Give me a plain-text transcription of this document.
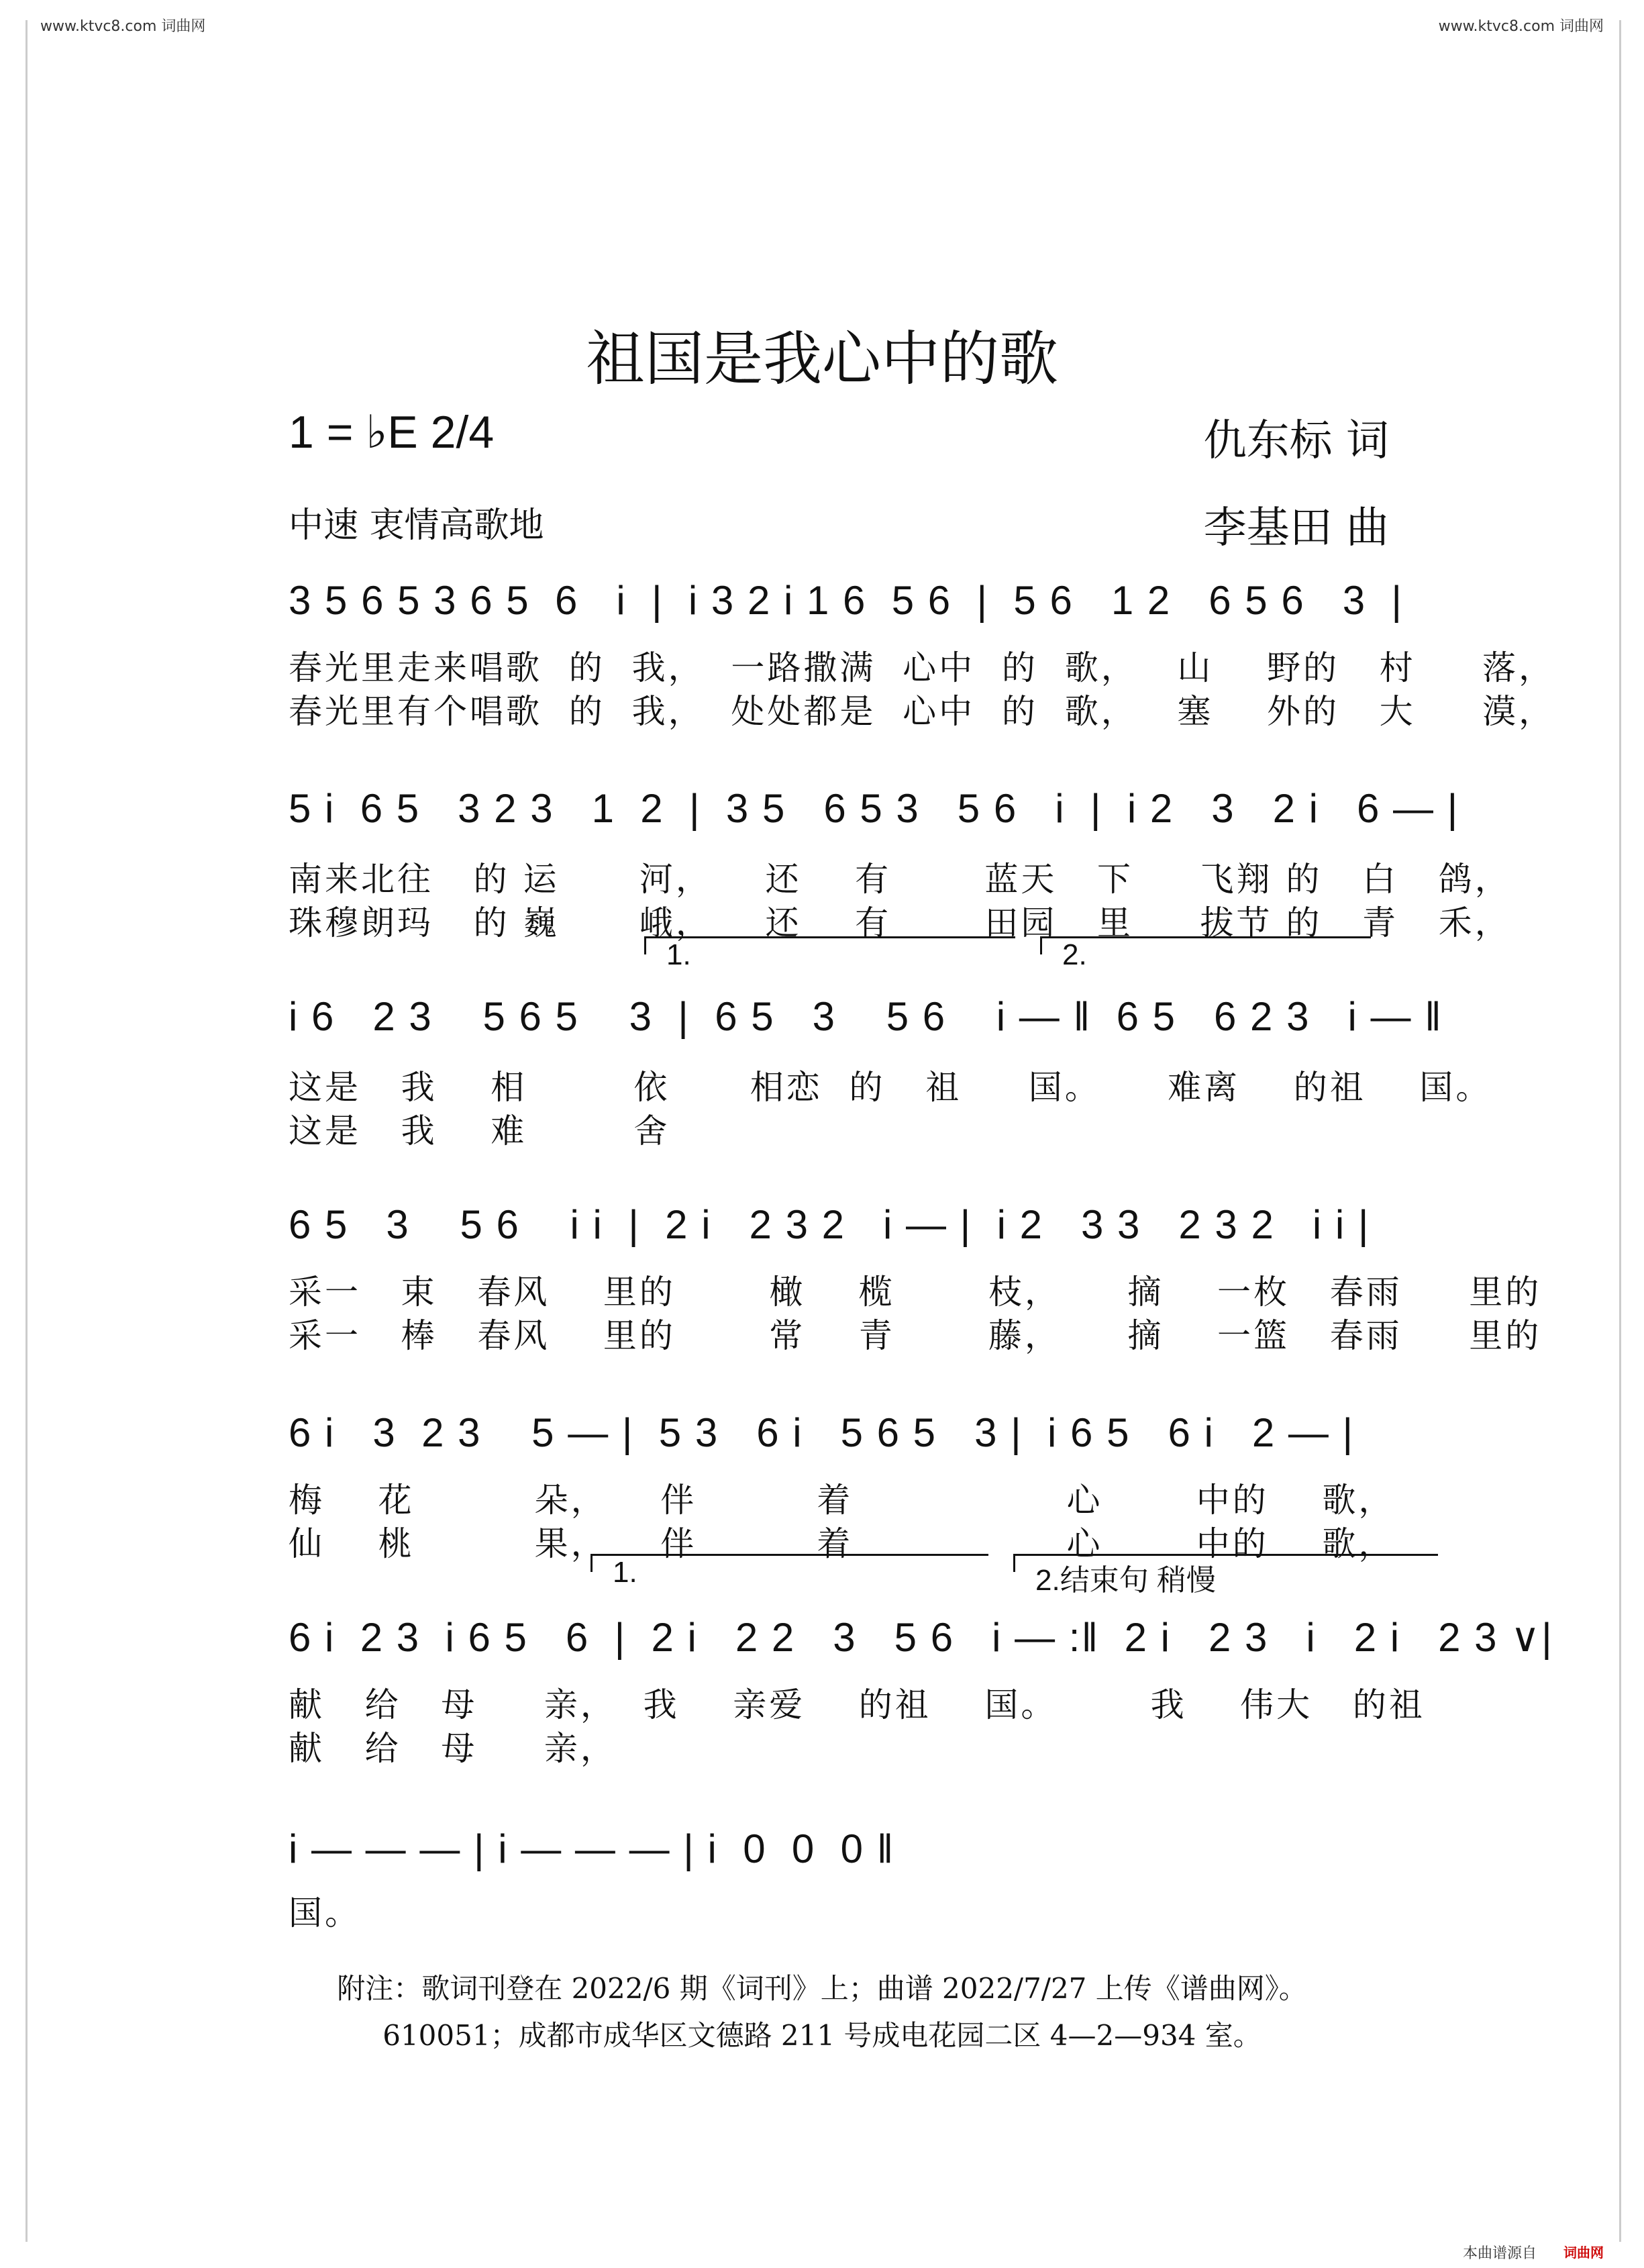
www.ktvc8.com 词曲网	www.ktvc8.com 词曲网
祖国是我心中的歌
1 = ♭E 2/4	仇东标 词
李基田 曲
中速 衷情高歌地
3 5 6 5 3 6 5  6   i  |  i 3 2 i 1 6  5 6  |  5 6   1 2   6 5 6   3  |
春光里走来唱歌  的  我，  一路撒满  心中  的  歌，   山    野的   村     落，
春光里有个唱歌  的  我，  处处都是  心中  的  歌，   塞    外的   大     漠，
5 i  6 5   3 2 3   1  2  |  3 5   6 5 3   5 6   i  |  i 2   3   2 i   6 — |
南来北往   的 运      河，    还    有       蓝天   下     飞翔 的   白   鸽，
珠穆朗玛   的 巍      峨，    还    有       田园   里     拔节 的   青   禾，
1.	2.
i 6   2 3    5 6 5    3  |  6 5   3    5 6    i — ‖  6 5   6 2 3   i — ‖
这是   我    相        依      相恋  的   祖     国。     难离    的祖    国。
这是   我    难        舍
6 5   3    5 6    i i  |  2 i   2 3 2   i — |  i 2   3 3   2 3 2   i i |
采一   束   春风    里的       橄    榄       枝，     摘    一枚   春雨     里的
采一   棒   春风    里的       常    青       藤，     摘    一篮   春雨     里的
6 i   3  2 3    5 — |  5 3   6 i   5 6 5   3 |  i 6 5   6 i   2 — |
梅    花         朵，    伴         着                心       中的    歌，
仙    桃         果，    伴         着                心       中的    歌，
1.	2.结束句 稍慢
6 i  2 3  i 6 5   6  |  2 i   2 2   3   5 6   i — :‖  2 i   2 3   i   2 i   2 3 ∨|
献   给   母     亲，  我    亲爱    的祖    国。       我    伟大   的祖
献   给   母     亲，
i — — — | i — — — | i  0  0  0 ‖
国。
附注：歌词刊登在 2022/6 期《词刊》上；曲谱 2022/7/27 上传《谱曲网》。
610051；成都市成华区文德路 211 号成电花园二区 4—2—934 室。
本曲谱源自 词曲网
